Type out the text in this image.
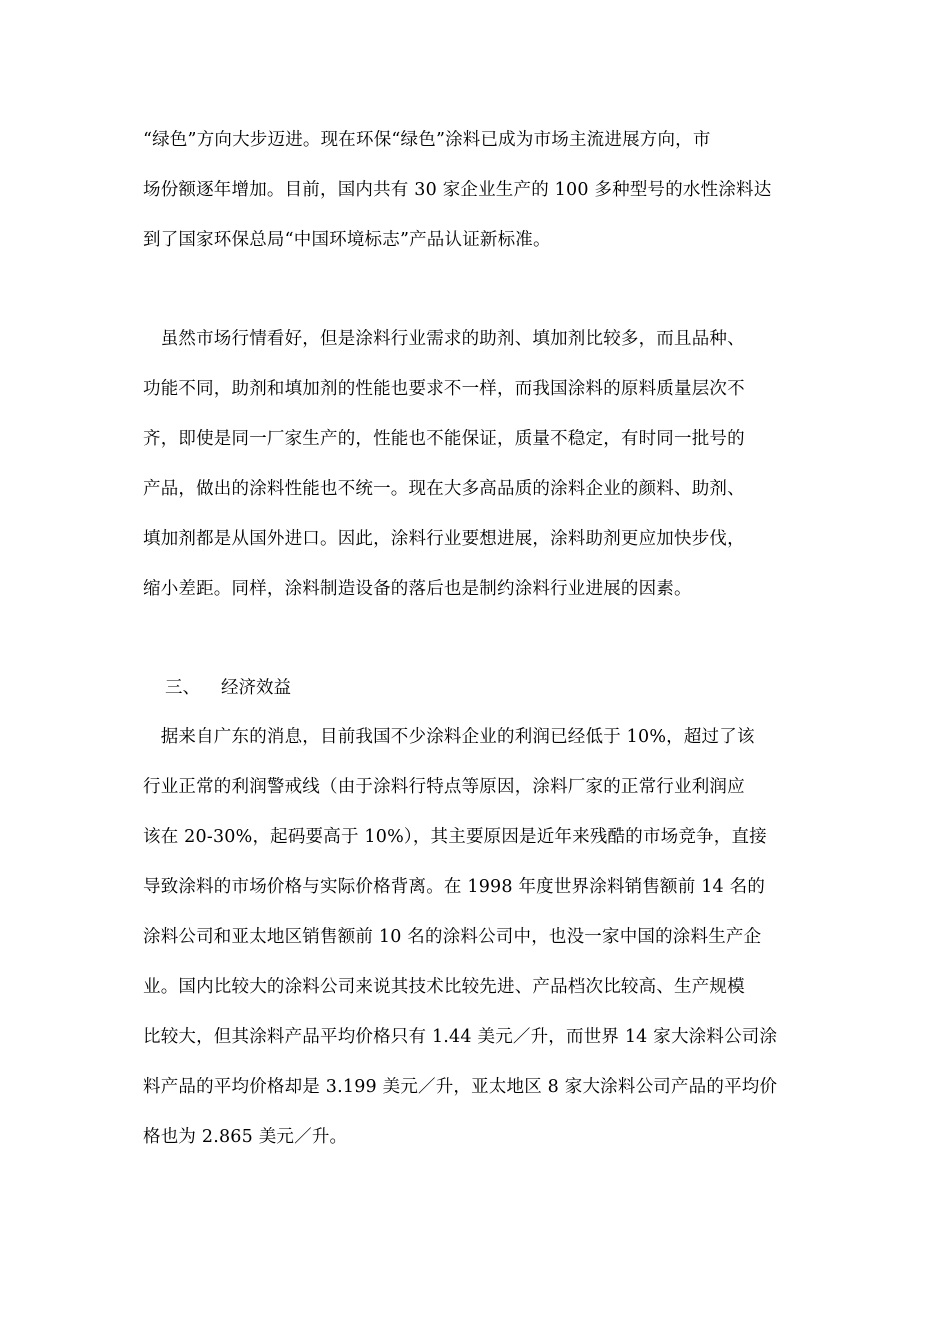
“绿色”方向大步迈进。现在环保“绿色”涂料已成为市场主流进展方向，市
场份额逐年增加。目前，国内共有 30 家企业生产的 100 多种型号的水性涂料达
到了国家环保总局“中国环境标志”产品认证新标准。
　虽然市场行情看好，但是涂料行业需求的助剂、填加剂比较多，而且品种、
功能不同，助剂和填加剂的性能也要求不一样，而我国涂料的原料质量层次不
齐，即使是同一厂家生产的，性能也不能保证，质量不稳定，有时同一批号的
产品，做出的涂料性能也不统一。现在大多高品质的涂料企业的颜料、助剂、
填加剂都是从国外进口。因此，涂料行业要想进展，涂料助剂更应加快步伐，
缩小差距。同样，涂料制造设备的落后也是制约涂料行业进展的因素。
三、 经济效益
　据来自广东的消息，目前我国不少涂料企业的利润已经低于 10%，超过了该
行业正常的利润警戒线（由于涂料行特点等原因，涂料厂家的正常行业利润应
该在 20-30%，起码要高于 10%），其主要原因是近年来残酷的市场竞争，直接
导致涂料的市场价格与实际价格背离。在 1998 年度世界涂料销售额前 14 名的
涂料公司和亚太地区销售额前 10 名的涂料公司中，也没一家中国的涂料生产企
业。国内比较大的涂料公司来说其技术比较先进、产品档次比较高、生产规模
比较大，但其涂料产品平均价格只有 1.44 美元／升，而世界 14 家大涂料公司涂
料产品的平均价格却是 3.199 美元／升，亚太地区 8 家大涂料公司产品的平均价
格也为 2.865 美元／升。
